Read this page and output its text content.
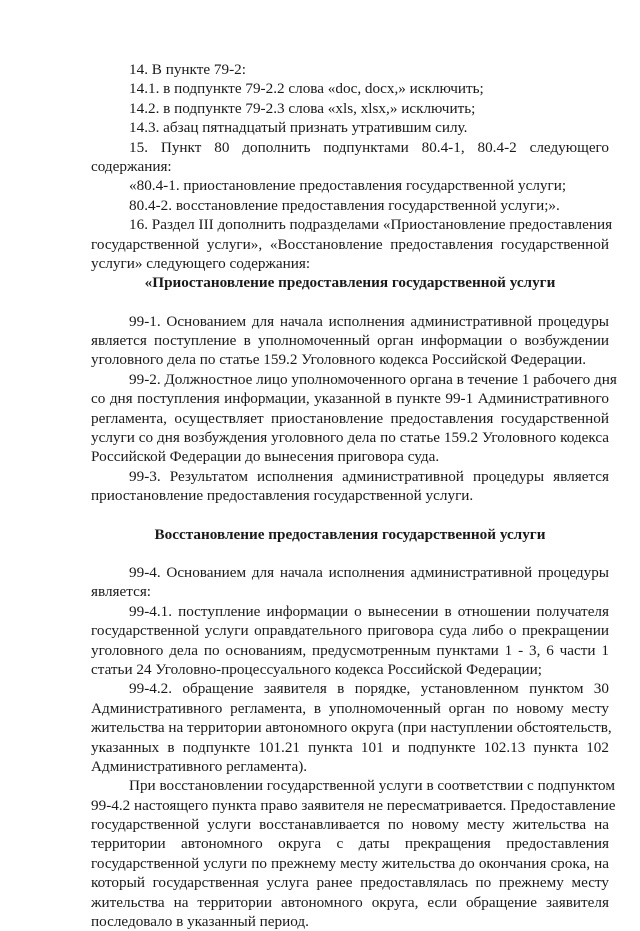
14. В пункте 79-2:
14.1. в подпункте 79-2.2 слова «doc, docx,» исключить;
14.2. в подпункте 79-2.3 слова «xls, xlsx,» исключить;
14.3. абзац пятнадцатый признать утратившим силу.
15. Пункт 80 дополнить подпунктами 80.4-1, 80.4-2 следующего
содержания:
«80.4-1. приостановление предоставления государственной услуги;
80.4-2. восстановление предоставления государственной услуги;».
16. Раздел III дополнить подразделами «Приостановление предоставления
государственной услуги», «Восстановление предоставления государственной
услуги» следующего содержания:
«Приостановление предоставления государственной услуги
99-1. Основанием для начала исполнения административной процедуры
является поступление в уполномоченный орган информации о возбуждении
уголовного дела по статье 159.2 Уголовного кодекса Российской Федерации.
99-2. Должностное лицо уполномоченного органа в течение 1 рабочего дня
со дня поступления информации, указанной в пункте 99-1 Административного
регламента, осуществляет приостановление предоставления государственной
услуги со дня возбуждения уголовного дела по статье 159.2 Уголовного кодекса
Российской Федерации до вынесения приговора суда.
99-3. Результатом исполнения административной процедуры является
приостановление предоставления государственной услуги.
Восстановление предоставления государственной услуги
99-4. Основанием для начала исполнения административной процедуры
является:
99-4.1. поступление информации о вынесении в отношении получателя
государственной услуги оправдательного приговора суда либо о прекращении
уголовного дела по основаниям, предусмотренным пунктами 1 - 3, 6 части 1
статьи 24 Уголовно-процессуального кодекса Российской Федерации;
99-4.2. обращение заявителя в порядке, установленном пунктом 30
Административного регламента, в уполномоченный орган по новому месту
жительства на территории автономного округа (при наступлении обстоятельств,
указанных в подпункте 101.21 пункта 101 и подпункте 102.13 пункта 102
Административного регламента).
При восстановлении государственной услуги в соответствии с подпунктом
99-4.2 настоящего пункта право заявителя не пересматривается. Предоставление
государственной услуги восстанавливается по новому месту жительства на
территории автономного округа с даты прекращения предоставления
государственной услуги по прежнему месту жительства до окончания срока, на
который государственная услуга ранее предоставлялась по прежнему месту
жительства на территории автономного округа, если обращение заявителя
последовало в указанный период.
